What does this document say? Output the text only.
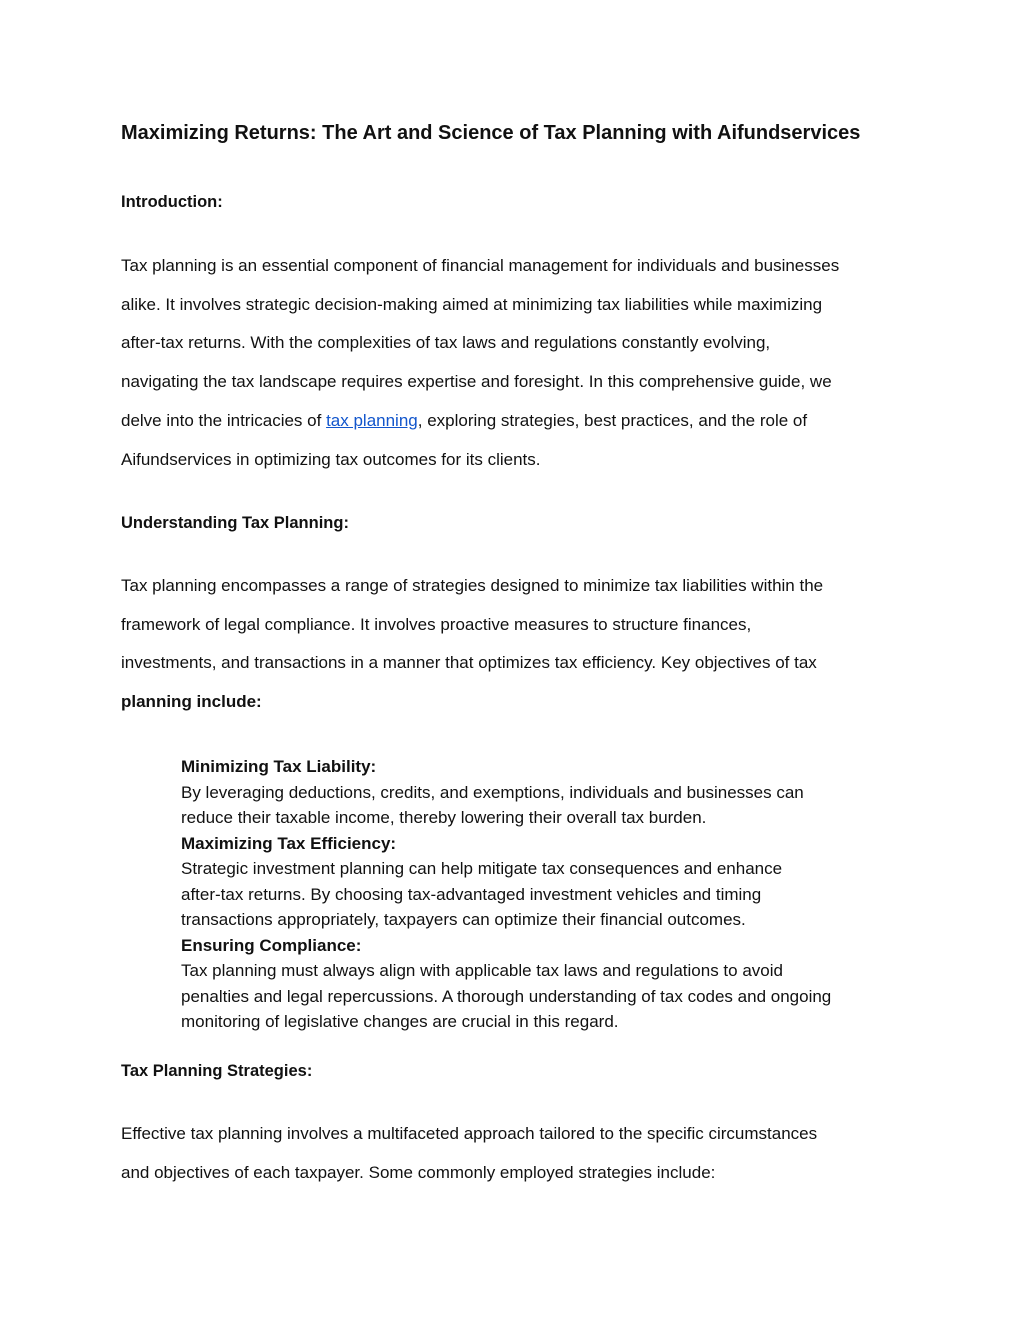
Maximizing Returns: The Art and Science of Tax Planning with Aifundservices
Introduction:

Tax planning is an essential component of financial management for individuals and businesses
alike. It involves strategic decision-making aimed at minimizing tax liabilities while maximizing
after-tax returns. With the complexities of tax laws and regulations constantly evolving,
navigating the tax landscape requires expertise and foresight. In this comprehensive guide, we
delve into the intricacies of tax planning, exploring strategies, best practices, and the role of
Aifundservices in optimizing tax outcomes for its clients.

Understanding Tax Planning:

Tax planning encompasses a range of strategies designed to minimize tax liabilities within the
framework of legal compliance. It involves proactive measures to structure finances,
investments, and transactions in a manner that optimizes tax efficiency. Key objectives of tax
planning include:

Minimizing Tax Liability:
By leveraging deductions, credits, and exemptions, individuals and businesses can
reduce their taxable income, thereby lowering their overall tax burden.
Maximizing Tax Efficiency:
Strategic investment planning can help mitigate tax consequences and enhance
after-tax returns. By choosing tax-advantaged investment vehicles and timing
transactions appropriately, taxpayers can optimize their financial outcomes.
Ensuring Compliance:
Tax planning must always align with applicable tax laws and regulations to avoid
penalties and legal repercussions. A thorough understanding of tax codes and ongoing
monitoring of legislative changes are crucial in this regard.
Tax Planning Strategies:

Effective tax planning involves a multifaceted approach tailored to the specific circumstances
and objectives of each taxpayer. Some commonly employed strategies include:
